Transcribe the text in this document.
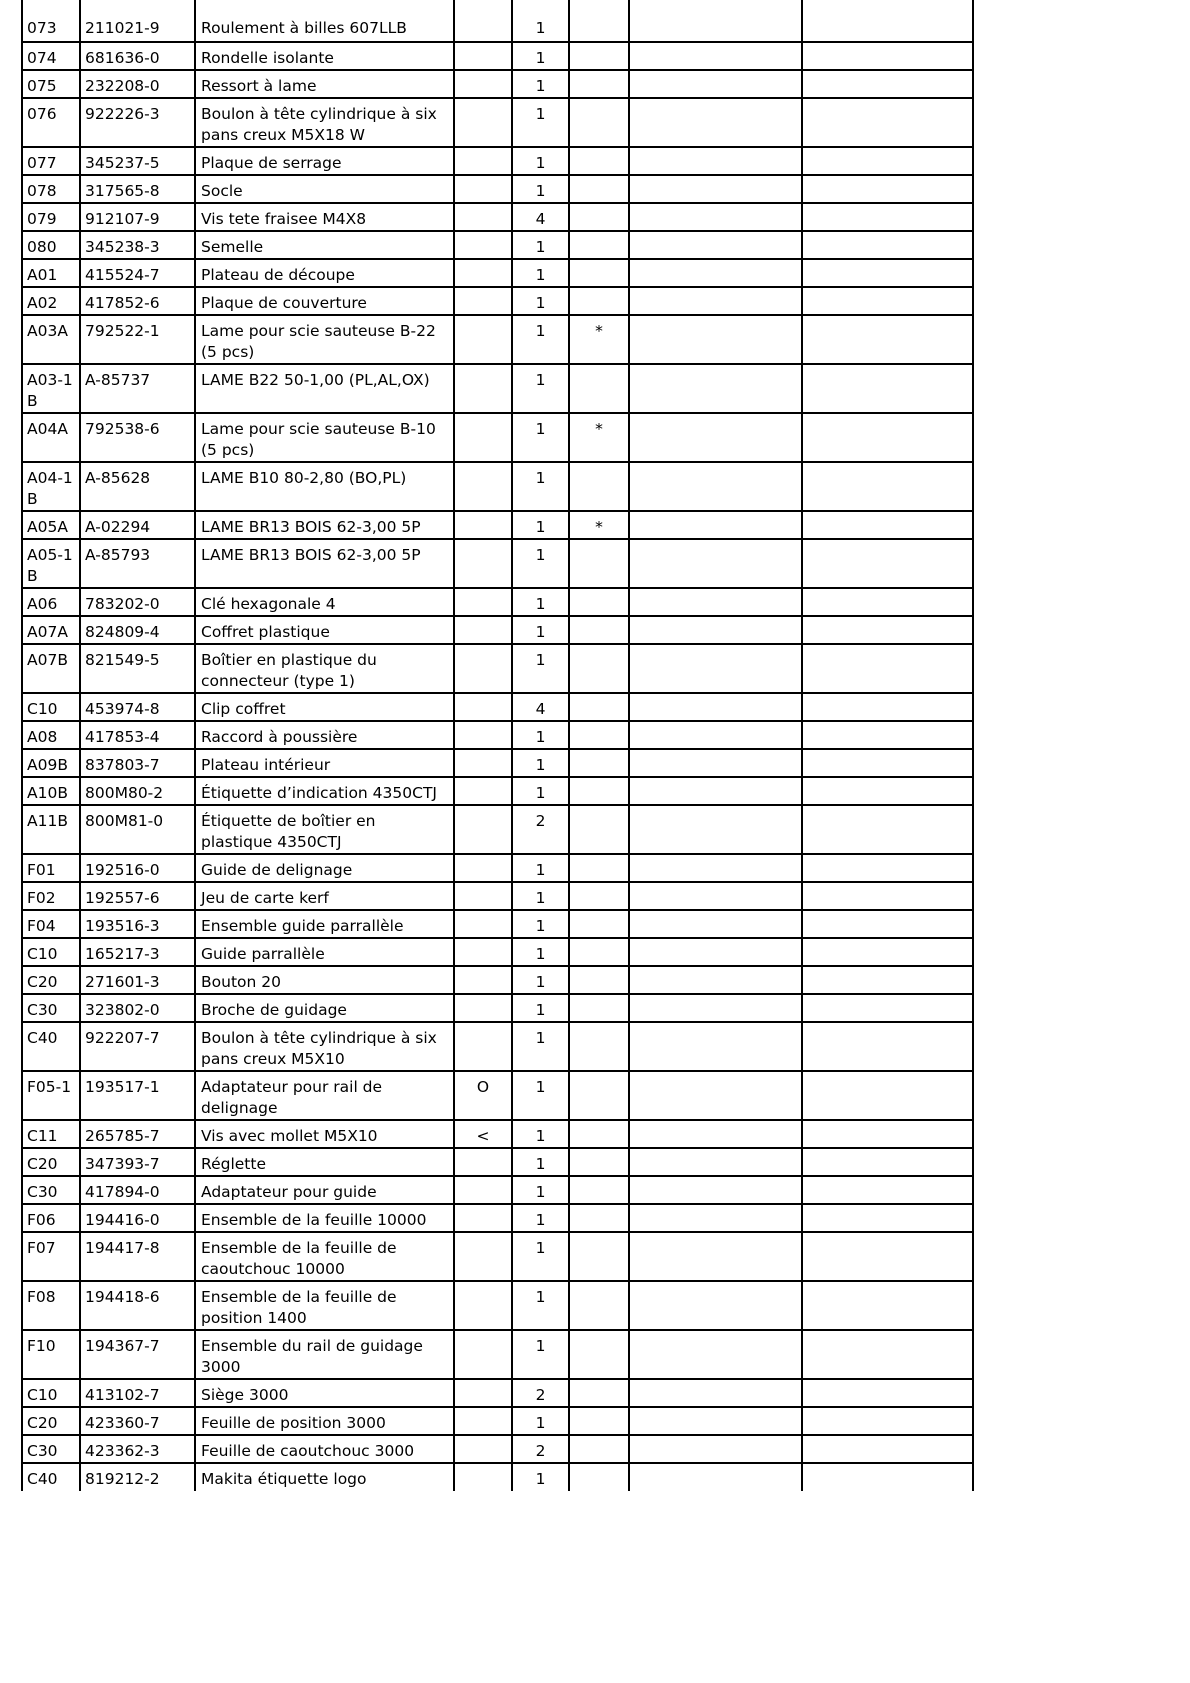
073	211021-9	Roulement à billes 607LLB		1			
074	681636-0	Rondelle isolante		1			
075	232208-0	Ressort à lame		1			
076	922226-3	Boulon à tête cylindrique à six pans creux M5X18 W		1			
077	345237-5	Plaque de serrage		1			
078	317565-8	Socle		1			
079	912107-9	Vis tete fraisee M4X8		4			
080	345238-3	Semelle		1			
A01	415524-7	Plateau de découpe		1			
A02	417852-6	Plaque de couverture		1			
A03A	792522-1	Lame pour scie sauteuse B-22 (5 pcs)		1	*		
A03-1B	A-85737	LAME B22 50-1,00 (PL,AL,OX)		1			
A04A	792538-6	Lame pour scie sauteuse B-10 (5 pcs)		1	*		
A04-1B	A-85628	LAME B10 80-2,80 (BO,PL)		1			
A05A	A-02294	LAME BR13 BOIS 62-3,00 5P		1	*		
A05-1B	A-85793	LAME BR13 BOIS 62-3,00 5P		1			
A06	783202-0	Clé hexagonale 4		1			
A07A	824809-4	Coffret plastique		1			
A07B	821549-5	Boîtier en plastique du connecteur (type 1)		1			
C10	453974-8	Clip coffret		4			
A08	417853-4	Raccord à poussière		1			
A09B	837803-7	Plateau intérieur		1			
A10B	800M80-2	Étiquette d’indication 4350CTJ		1			
A11B	800M81-0	Étiquette de boîtier en plastique 4350CTJ		2			
F01	192516-0	Guide de delignage		1			
F02	192557-6	Jeu de carte kerf		1			
F04	193516-3	Ensemble guide parrallèle		1			
C10	165217-3	Guide parrallèle		1			
C20	271601-3	Bouton 20		1			
C30	323802-0	Broche de guidage		1			
C40	922207-7	Boulon à tête cylindrique à six pans creux M5X10		1			
F05-1	193517-1	Adaptateur pour rail de delignage	O	1			
C11	265785-7	Vis avec mollet M5X10	<	1			
C20	347393-7	Réglette		1			
C30	417894-0	Adaptateur pour guide		1			
F06	194416-0	Ensemble de la feuille 10000		1			
F07	194417-8	Ensemble de la feuille de caoutchouc 10000		1			
F08	194418-6	Ensemble de la feuille de position 1400		1			
F10	194367-7	Ensemble du rail de guidage 3000		1			
C10	413102-7	Siège 3000		2			
C20	423360-7	Feuille de position 3000		1			
C30	423362-3	Feuille de caoutchouc 3000		2			
C40	819212-2	Makita étiquette logo		1			
